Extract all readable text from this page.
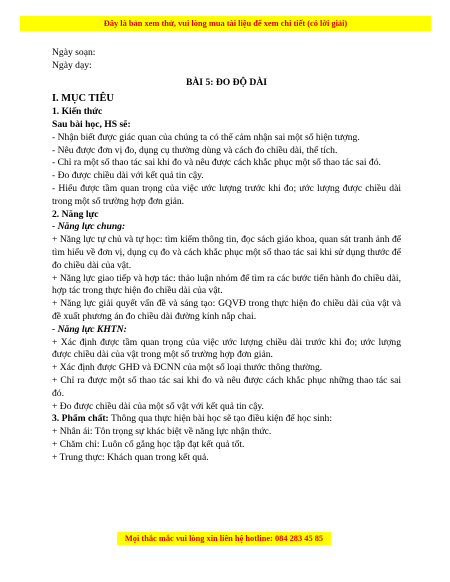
Đây là bản xem thử, vui lòng mua tài liệu để xem chi tiết (có lời giải)

Ngày soạn:

Ngày dạy:

BÀI 5: ĐO ĐỘ DÀI

I. MỤC TIÊU

1. Kiến thức

Sau bài học, HS sẽ:

- Nhận biết được giác quan của chúng ta có thể cảm nhận sai một số hiện tượng.

- Nêu được đơn vị đo, dụng cụ thường dùng và cách đo chiều dài, thể tích.

- Chỉ ra một số thao tác sai khi đo và nêu được cách khắc phục một số thao tác sai đó.

- Đo được chiều dài với kết quả tin cậy.

- Hiểu được tầm quan trọng của việc ước lượng trước khi đo; ước lượng được chiều dài trong một số trường hợp đơn giản.

2. Năng lực

- Năng lực chung:

+ Năng lực tự chủ và tự học: tìm kiếm thông tin, đọc sách giáo khoa, quan sát tranh ảnh để tìm hiểu về đơn vị, dụng cụ đo và cách khắc phục một số thao tác sai khi sử dụng thước để đo chiều dài của vật.

+ Năng lực giao tiếp và hợp tác: thảo luận nhóm để tìm ra các bước tiến hành đo chiều dài, hợp tác trong thực hiện đo chiều dài của vật.

+ Năng lực giải quyết vấn đề và sáng tạo: GQVĐ trong thực hiện đo chiều dài của vật và đề xuất phương án đo chiều dài đường kính nắp chai.

- Năng lực KHTN:

+ Xác định được tầm quan trọng của việc ước lượng chiều dài trước khi đo; ước lượng được chiều dài của vật trong một số trường hợp đơn giản.

+ Xác định được GHĐ và ĐCNN của một số loại thước thông thường.

+ Chỉ ra được một số thao tác sai khi đo và nêu được cách khắc phục những thao tác sai đó.

+ Đo được chiều dài của một số vật với kết quả tin cậy.

3. Phẩm chất: Thông qua thực hiện bài học sẽ tạo điều kiện để học sinh:

+ Nhân ái: Tôn trọng sự khác biệt về năng lực nhận thức.

+ Chăm chỉ: Luôn cố gắng học tập đạt kết quả tốt.

+ Trung thực: Khách quan trong kết quả.

Mọi thắc mắc vui lòng xin liên hệ hotline: 084 283 45 85
